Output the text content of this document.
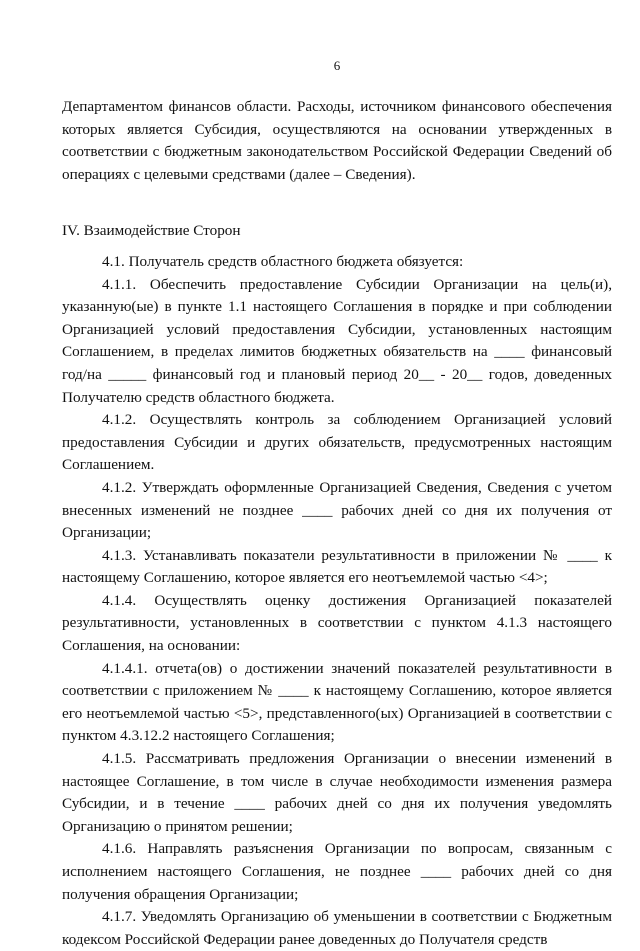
6

Департаментом финансов области. Расходы, источником финансового обеспечения которых является Субсидия, осуществляются на основании утвержденных в соответствии с бюджетным законодательством Российской Федерации Сведений об операциях с целевыми средствами (далее – Сведения).

IV. Взаимодействие Сторон

4.1. Получатель средств областного бюджета обязуется:

4.1.1. Обеспечить предоставление Субсидии Организации на цель(и), указанную(ые) в пункте 1.1 настоящего Соглашения в порядке и при соблюдении Организацией условий предоставления Субсидии, установленных настоящим Соглашением, в пределах лимитов бюджетных обязательств на ____ финансовый год/на _____ финансовый год и плановый период 20__ - 20__ годов, доведенных Получателю средств областного бюджета.

4.1.2. Осуществлять контроль за соблюдением Организацией условий предоставления Субсидии и других обязательств, предусмотренных настоящим Соглашением.

4.1.2. Утверждать оформленные Организацией Сведения, Сведения с учетом внесенных изменений не позднее ____ рабочих дней со дня их получения от Организации;

4.1.3. Устанавливать показатели результативности в приложении № ____ к настоящему Соглашению, которое является его неотъемлемой частью <4>;

4.1.4. Осуществлять оценку достижения Организацией показателей результативности, установленных в соответствии с пунктом 4.1.3 настоящего Соглашения, на основании:

4.1.4.1. отчета(ов) о достижении значений показателей результативности в соответствии с приложением № ____ к настоящему Соглашению, которое является его неотъемлемой частью <5>, представленного(ых) Организацией в соответствии с пунктом 4.3.12.2 настоящего Соглашения;

4.1.5. Рассматривать предложения Организации о внесении изменений в настоящее Соглашение, в том числе в случае необходимости изменения размера Субсидии, и в течение ____ рабочих дней со дня их получения уведомлять Организацию о принятом решении;

4.1.6. Направлять разъяснения Организации по вопросам, связанным с исполнением настоящего Соглашения, не позднее ____ рабочих дней со дня получения обращения Организации;

4.1.7. Уведомлять Организацию об уменьшении в соответствии с Бюджетным кодексом Российской Федерации ранее доведенных до Получателя средств
